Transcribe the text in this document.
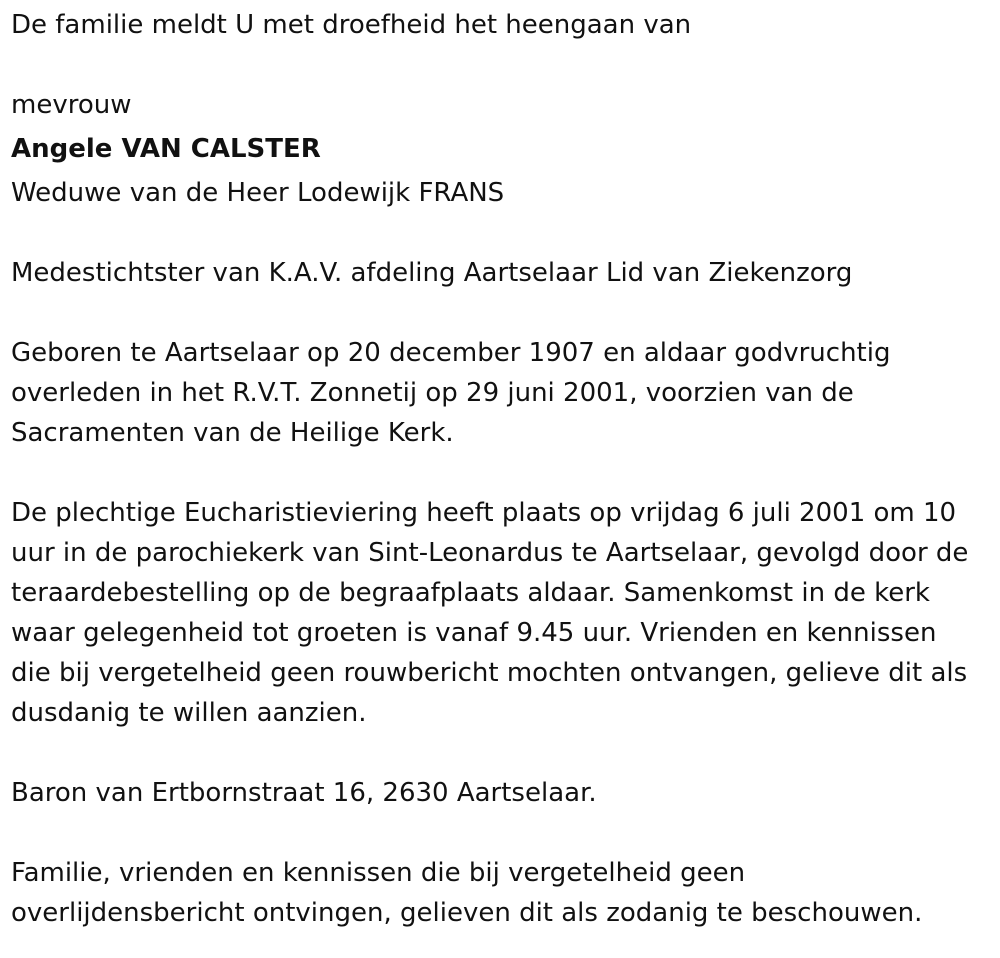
De familie meldt U met droefheid het heengaan van
mevrouw
Angele VAN CALSTER
Weduwe van de Heer Lodewijk FRANS
Medestichtster van K.A.V. afdeling Aartselaar Lid van Ziekenzorg
Geboren te Aartselaar op 20 december 1907 en aldaar godvruchtig
overleden in het R.V.T. Zonnetij op 29 juni 2001, voorzien van de
Sacramenten van de Heilige Kerk.
De plechtige Eucharistieviering heeft plaats op vrijdag 6 juli 2001 om 10
uur in de parochiekerk van Sint-Leonardus te Aartselaar, gevolgd door de
teraardebestelling op de begraafplaats aldaar. Samenkomst in de kerk
waar gelegenheid tot groeten is vanaf 9.45 uur. Vrienden en kennissen
die bij vergetelheid geen rouwbericht mochten ontvangen, gelieve dit als
dusdanig te willen aanzien.
Baron van Ertbornstraat 16, 2630 Aartselaar.
Familie, vrienden en kennissen die bij vergetelheid geen
overlijdensbericht ontvingen, gelieven dit als zodanig te beschouwen.
